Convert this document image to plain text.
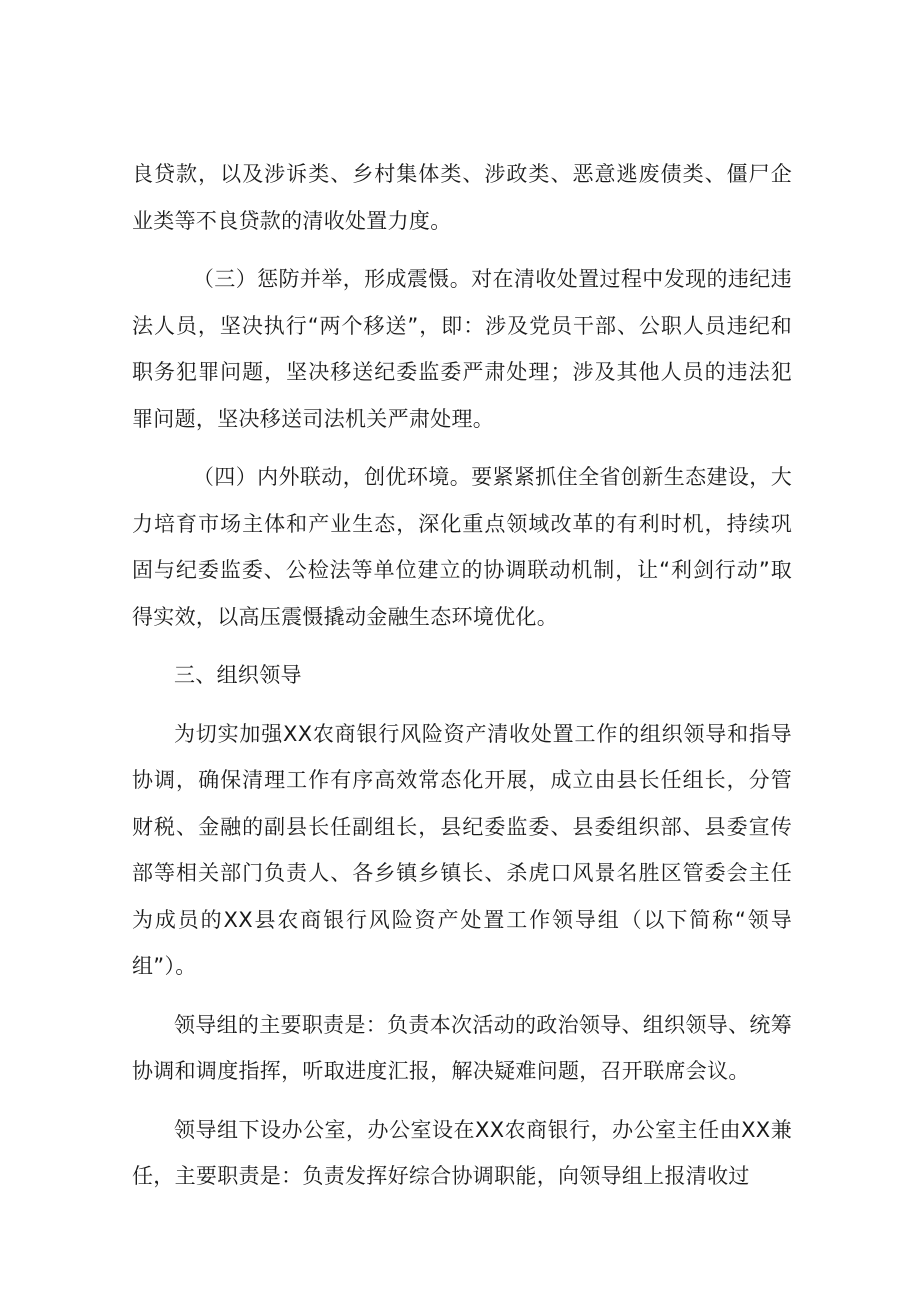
良贷款，以及涉诉类、乡村集体类、涉政类、恶意逃废债类、僵尸企业类等不良贷款的清收处置力度。

（三）惩防并举，形成震慑。对在清收处置过程中发现的违纪违法人员，坚决执行“两个移送”，即：涉及党员干部、公职人员违纪和职务犯罪问题，坚决移送纪委监委严肃处理；涉及其他人员的违法犯罪问题，坚决移送司法机关严肃处理。

（四）内外联动，创优环境。要紧紧抓住全省创新生态建设，大力培育市场主体和产业生态，深化重点领域改革的有利时机，持续巩固与纪委监委、公检法等单位建立的协调联动机制，让“利剑行动”取得实效，以高压震慑撬动金融生态环境优化。

三、组织领导

为切实加强XX农商银行风险资产清收处置工作的组织领导和指导协调，确保清理工作有序高效常态化开展，成立由县长任组长，分管财税、金融的副县长任副组长，县纪委监委、县委组织部、县委宣传部等相关部门负责人、各乡镇乡镇长、杀虎口风景名胜区管委会主任为成员的XX县农商银行风险资产处置工作领导组（以下简称“领导组”）。

领导组的主要职责是：负责本次活动的政治领导、组织领导、统筹协调和调度指挥，听取进度汇报，解决疑难问题，召开联席会议。

领导组下设办公室，办公室设在XX农商银行，办公室主任由XX兼任，主要职责是：负责发挥好综合协调职能，向领导组上报清收过
